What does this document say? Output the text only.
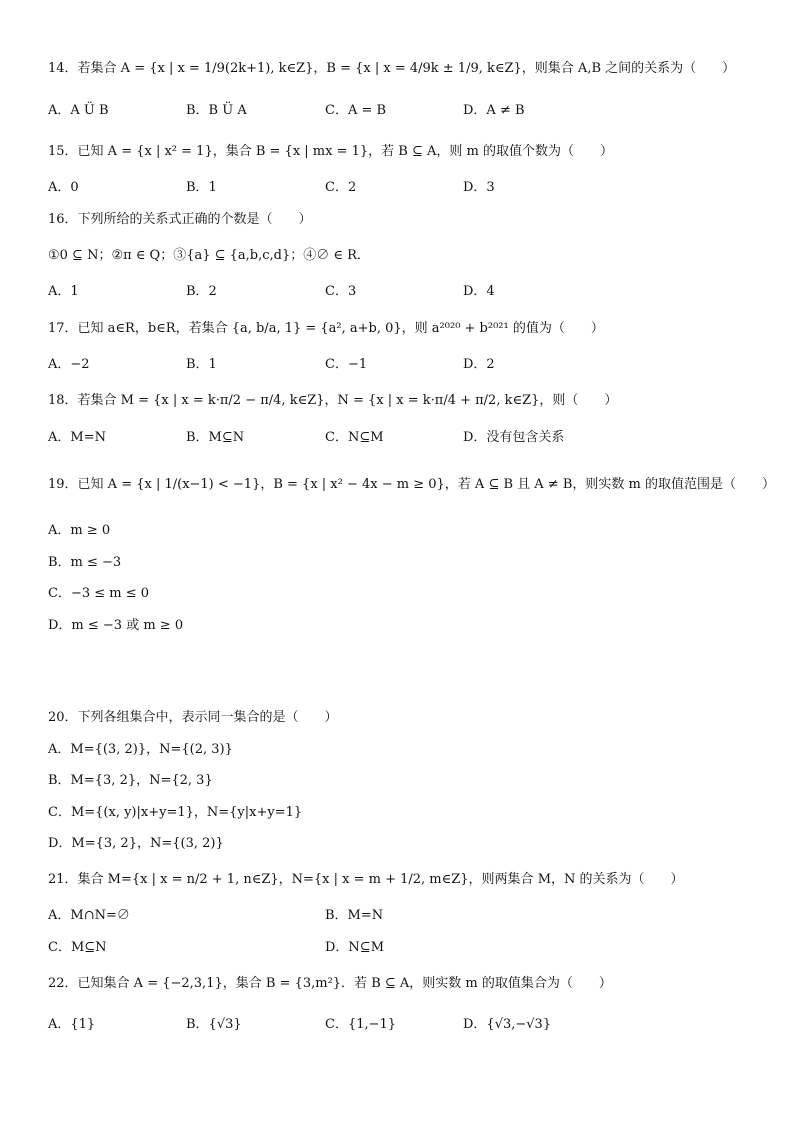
14．若集合 A = {x | x = 1/9(2k+1), k∈Z}，B = {x | x = 4/9k ± 1/9, k∈Z}，则集合 A,B 之间的关系为（　　）
A．A Ü B	B．B Ü A	C．A = B	D．A ≠ B
15．已知 A = {x | x² = 1}，集合 B = {x | mx = 1}，若 B ⊆ A，则 m 的取值个数为（　　）
A．0	B．1	C．2	D．3
16．下列所给的关系式正确的个数是（　　）
①0 ⊆ N；②π ∈ Q；③{a} ⊆ {a,b,c,d}；④∅ ∈ R．
A．1	B．2	C．3	D．4
17．已知 a∈R，b∈R，若集合 {a, b/a, 1} = {a², a+b, 0}，则 a²⁰²⁰ + b²⁰²¹ 的值为（　　）
A．−2	B．1	C．−1	D．2
18．若集合 M = {x | x = k·π/2 − π/4, k∈Z}，N = {x | x = k·π/4 + π/2, k∈Z}，则（　　）
A．M=N	B．M⊆N	C．N⊆M	D．没有包含关系
19．已知 A = {x | 1/(x−1) < −1}，B = {x | x² − 4x − m ≥ 0}，若 A ⊆ B 且 A ≠ B，则实数 m 的取值范围是（　　）
A．m ≥ 0
B．m ≤ −3
C．−3 ≤ m ≤ 0
D．m ≤ −3 或 m ≥ 0
20．下列各组集合中，表示同一集合的是（　　）
A．M={(3, 2)}，N={(2, 3)}
B．M={3, 2}，N={2, 3}
C．M={(x, y)|x+y=1}，N={y|x+y=1}
D．M={3, 2}，N={(3, 2)}
21．集合 M={x | x = n/2 + 1, n∈Z}，N={x | x = m + 1/2, m∈Z}，则两集合 M，N 的关系为（　　）
A．M∩N=∅	B．M=N
C．M⊆N	D．N⊆M
22．已知集合 A = {−2,3,1}，集合 B = {3,m²}．若 B ⊆ A，则实数 m 的取值集合为（　　）
A．{1}	B．{√3}	C．{1,−1}	D．{√3,−√3}
